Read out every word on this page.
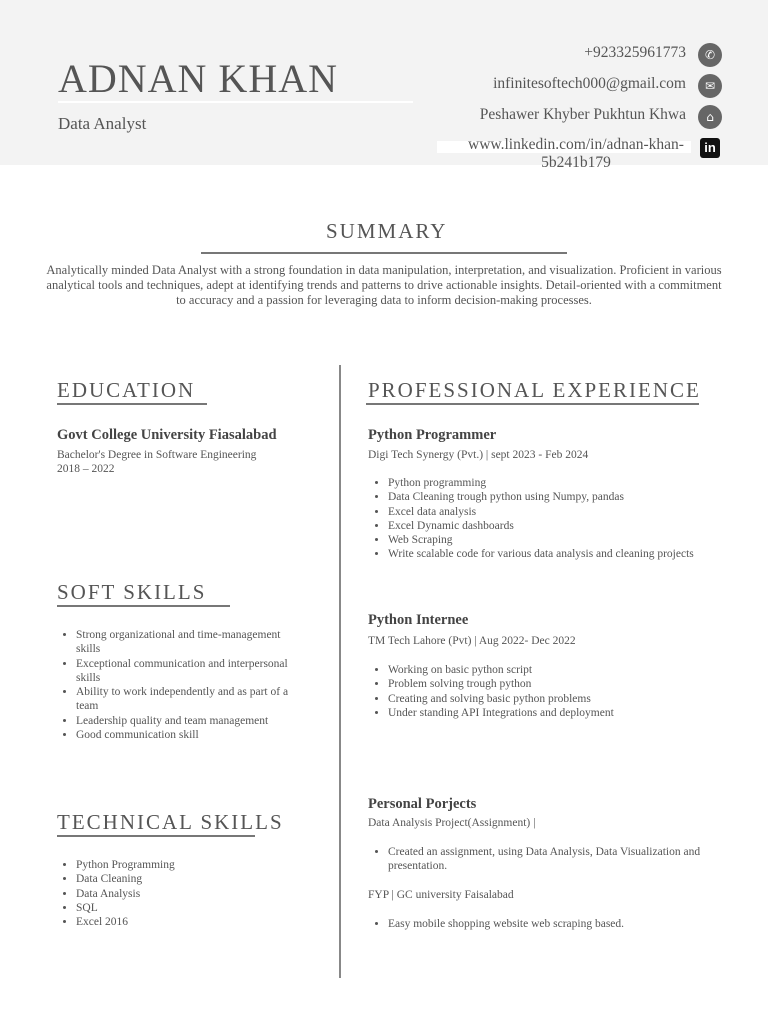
ADNAN KHAN
Data Analyst
+923325961773	✆
infinitesoftech000@gmail.com	✉
Peshawer Khyber Pukhtun Khwa	⌂
www.linkedin.com/in/adnan-khan-5b241b179
in
SUMMARY
Analytically minded Data Analyst with a strong foundation in data manipulation, interpretation, and visualization. Proficient in various analytical tools and techniques, adept at identifying trends and patterns to drive actionable insights. Detail-oriented with a commitment to accuracy and a passion for leveraging data to inform decision-making processes.
EDUCATION
Govt College University Fiasalabad
Bachelor's Degree in Software Engineering
2018 – 2022
SOFT SKILLS
• Strong organizational and time-management skills
• Exceptional communication and interpersonal skills
• Ability to work independently and as part of a team
• Leadership quality and team management
• Good communication skill
TECHNICAL SKILLS
• Python Programming
• Data Cleaning
• Data Analysis
• SQL
• Excel 2016
PROFESSIONAL EXPERIENCE
Python Programmer
Digi Tech Synergy (Pvt.) | sept 2023 - Feb 2024
• Python programming
• Data Cleaning trough python using Numpy, pandas
• Excel data analysis
• Excel Dynamic dashboards
• Web Scraping
• Write scalable code for various data analysis and cleaning projects
Python Internee
TM Tech Lahore (Pvt) | Aug 2022- Dec 2022
• Working on basic python script
• Problem solving trough python
• Creating and solving basic python problems
• Under standing API Integrations and deployment
Personal Porjects
Data Analysis Project(Assignment) |
• Created an assignment, using Data Analysis, Data Visualization and presentation.
FYP | GC university Faisalabad
• Easy mobile shopping website web scraping based.
